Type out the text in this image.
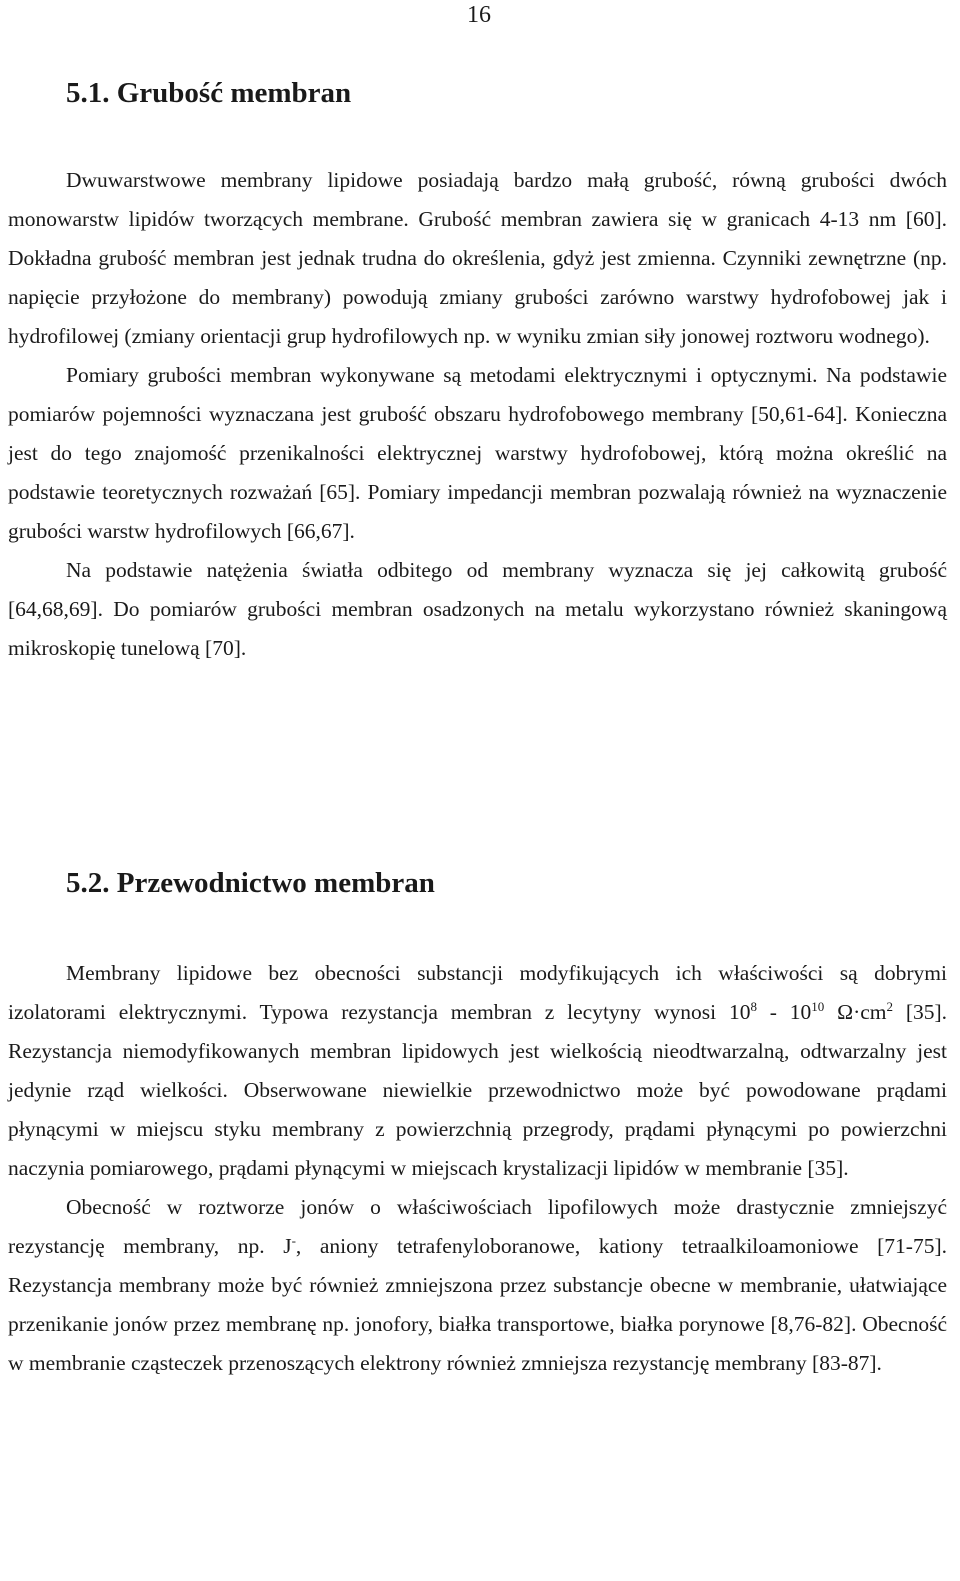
16
5.1. Grubość membran

Dwuwarstwowe membrany lipidowe posiadają bardzo małą grubość, równą grubości dwóch monowarstw lipidów tworzących membrane. Grubość membran zawiera się w granicach 4-13 nm [60]. Dokładna grubość membran jest jednak trudna do określenia, gdyż jest zmienna. Czynniki zewnętrzne (np. napięcie przyłożone do membrany) powodują zmiany grubości zarówno warstwy hydrofobowej jak i hydrofilowej (zmiany orientacji grup hydrofilowych np. w wyniku zmian siły jonowej roztworu wodnego).

Pomiary grubości membran wykonywane są metodami elektrycznymi i optycznymi. Na podstawie pomiarów pojemności wyznaczana jest grubość obszaru hydrofobowego membrany [50,61-64]. Konieczna jest do tego znajomość przenikalności elektrycznej warstwy hydrofobowej, którą można określić na podstawie teoretycznych rozważań [65]. Pomiary impedancji membran pozwalają również na wyznaczenie grubości warstw hydrofilowych [66,67].

Na podstawie natężenia światła odbitego od membrany wyznacza się jej całkowitą grubość [64,68,69]. Do pomiarów grubości membran osadzonych na metalu wykorzystano również skaningową mikroskopię tunelową [70].

5.2. Przewodnictwo membran

Membrany lipidowe bez obecności substancji modyfikujących ich właściwości są dobrymi izolatorami elektrycznymi. Typowa rezystancja membran z lecytyny wynosi $10^8 - 10^{10}$ $\Omega\cdot cm^2$ [35]. Rezystancja niemodyfikowanych membran lipidowych jest wielkością nieodtwarzalną, odtwarzalny jest jedynie rząd wielkości. Obserwowane niewielkie przewodnictwo może być powodowane prądami płynącymi w miejscu styku membrany z powierzchnią przegrody, prądami płynącymi po powierzchni naczynia pomiarowego, prądami płynącymi w miejscach krystalizacji lipidów w membranie [35].

Obecność w roztworze jonów o właściwościach lipofilowych może drastycznie zmniejszyć rezystancję membrany, np. J-, aniony tetrafenyloboranowe, kationy tetraalkiloamoniowe [71-75]. Rezystancja membrany może być również zmniejszona przez substancje obecne w membranie, ułatwiające przenikanie jonów przez membranę np. jonofory, białka transportowe, białka porynowe [8,76-82]. Obecność w membranie cząsteczek przenoszących elektrony również zmniejsza rezystancję membrany [83-87].
